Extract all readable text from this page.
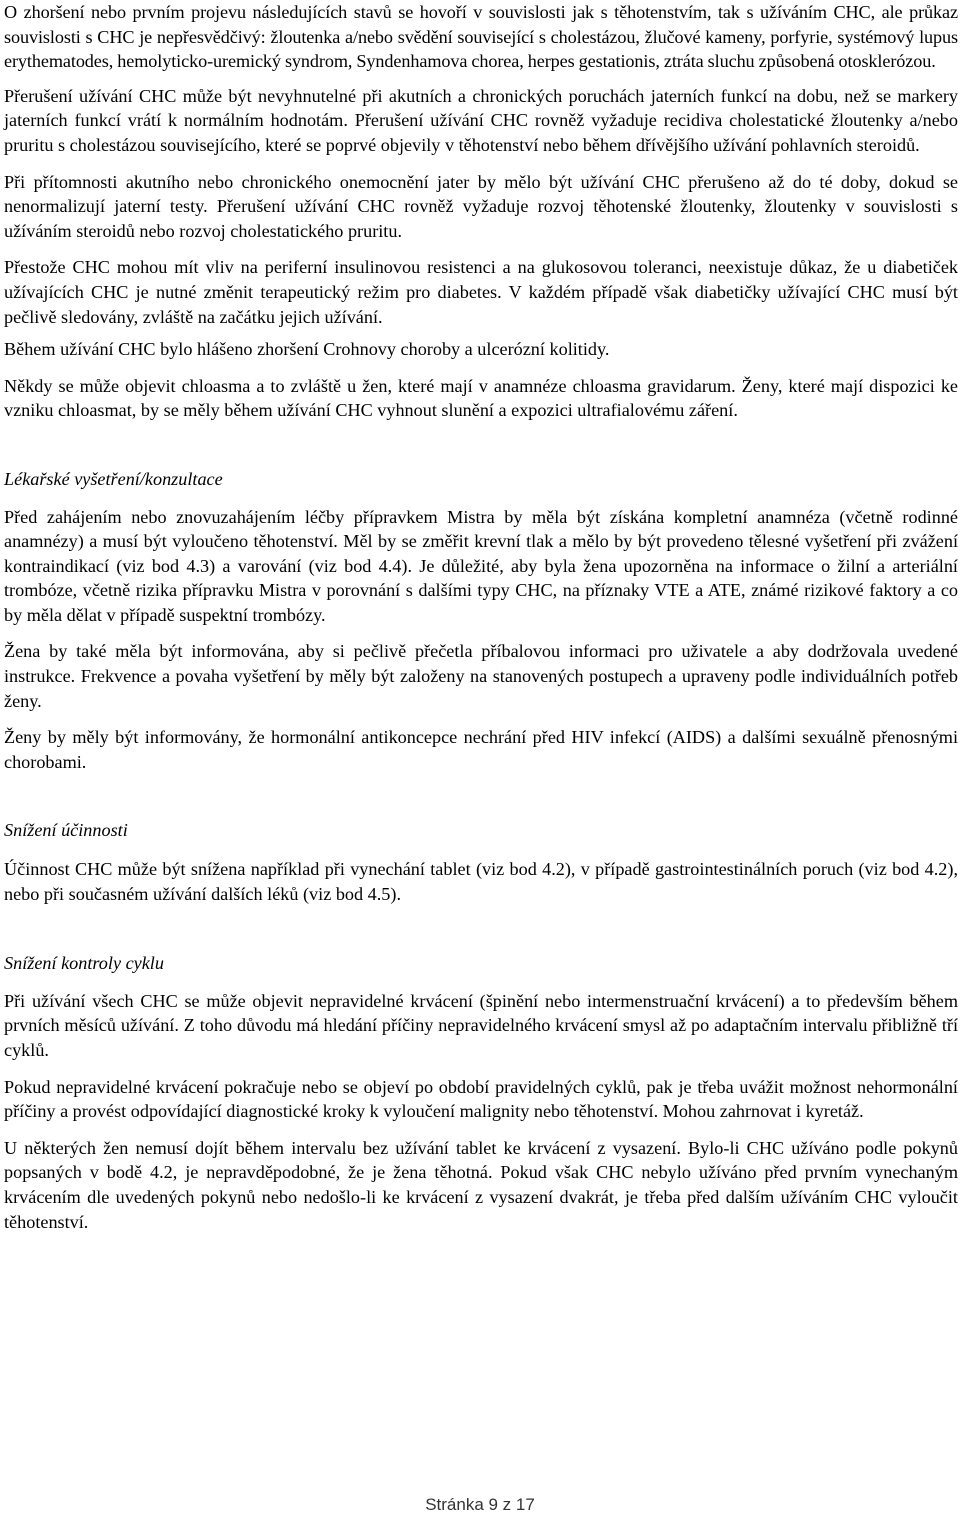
O zhoršení nebo prvním projevu následujících stavů se hovoří v souvislosti jak s těhotenstvím, tak s užíváním CHC, ale průkaz souvislosti s CHC je nepřesvědčivý: žloutenka a/nebo svědění související s cholestázou, žlučové kameny, porfyrie, systémový lupus erythematodes, hemolyticko-uremický syndrom, Syndenhamova chorea, herpes gestationis, ztráta sluchu způsobená otosklerózou.

Přerušení užívání CHC může být nevyhnutelné při akutních a chronických poruchách jaterních funkcí na dobu, než se markery jaterních funkcí vrátí k normálním hodnotám. Přerušení užívání CHC rovněž vyžaduje recidiva cholestatické žloutenky a/nebo pruritu s cholestázou souvisejícího, které se poprvé objevily v těhotenství nebo během dřívějšího užívání pohlavních steroidů.

Při přítomnosti akutního nebo chronického onemocnění jater by mělo být užívání CHC přerušeno až do té doby, dokud se nenormalizují jaterní testy. Přerušení užívání CHC rovněž vyžaduje rozvoj těhotenské žloutenky, žloutenky v souvislosti s užíváním steroidů nebo rozvoj cholestatického pruritu.

Přestože CHC mohou mít vliv na periferní insulinovou resistenci a na glukosovou toleranci, neexistuje důkaz, že u diabetiček užívajících CHC je nutné změnit terapeutický režim pro diabetes. V každém případě však diabetičky užívající CHC musí být pečlivě sledovány, zvláště na začátku jejich užívání.

Během užívání CHC bylo hlášeno zhoršení Crohnovy choroby a ulcerózní kolitidy.

Někdy se může objevit chloasma a to zvláště u žen, které mají v anamnéze chloasma gravidarum. Ženy, které mají dispozici ke vzniku chloasmat, by se měly během užívání CHC vyhnout slunění a expozici ultrafialovému záření.

Lékařské vyšetření/konzultace

Před zahájením nebo znovuzahájením léčby přípravkem Mistra by měla být získána kompletní anamnéza (včetně rodinné anamnézy) a musí být vyloučeno těhotenství. Měl by se změřit krevní tlak a mělo by být provedeno tělesné vyšetření při zvážení kontraindikací (viz bod 4.3) a varování (viz bod 4.4). Je důležité, aby byla žena upozorněna na informace o žilní a arteriální trombóze, včetně rizika přípravku Mistra v porovnání s dalšími typy CHC, na příznaky VTE a ATE, známé rizikové faktory a co by měla dělat v případě suspektní trombózy.

Žena by také měla být informována, aby si pečlivě přečetla příbalovou informaci pro uživatele a aby dodržovala uvedené instrukce. Frekvence a povaha vyšetření by měly být založeny na stanovených postupech a upraveny podle individuálních potřeb ženy.

Ženy by měly být informovány, že hormonální antikoncepce nechrání před HIV infekcí (AIDS) a dalšími sexuálně přenosnými chorobami.

Snížení účinnosti

Účinnost CHC může být snížena například při vynechání tablet (viz bod 4.2), v případě gastrointestinálních poruch (viz bod 4.2), nebo při současném užívání dalších léků (viz bod 4.5).

Snížení kontroly cyklu

Při užívání všech CHC se může objevit nepravidelné krvácení (špinění nebo intermenstruační krvácení) a to především během prvních měsíců užívání. Z toho důvodu má hledání příčiny nepravidelného krvácení smysl až po adaptačním intervalu přibližně tří cyklů.

Pokud nepravidelné krvácení pokračuje nebo se objeví po období pravidelných cyklů, pak je třeba uvážit možnost nehormonální příčiny a provést odpovídající diagnostické kroky k vyloučení malignity nebo těhotenství. Mohou zahrnovat i kyretáž.

U některých žen nemusí dojít během intervalu bez užívání tablet ke krvácení z vysazení. Bylo-li CHC užíváno podle pokynů popsaných v bodě 4.2, je nepravděpodobné, že je žena těhotná. Pokud však CHC nebylo užíváno před prvním vynechaným krvácením dle uvedených pokynů nebo nedošlo-li ke krvácení z vysazení dvakrát, je třeba před dalším užíváním CHC vyloučit těhotenství.

Stránka 9 z 17
